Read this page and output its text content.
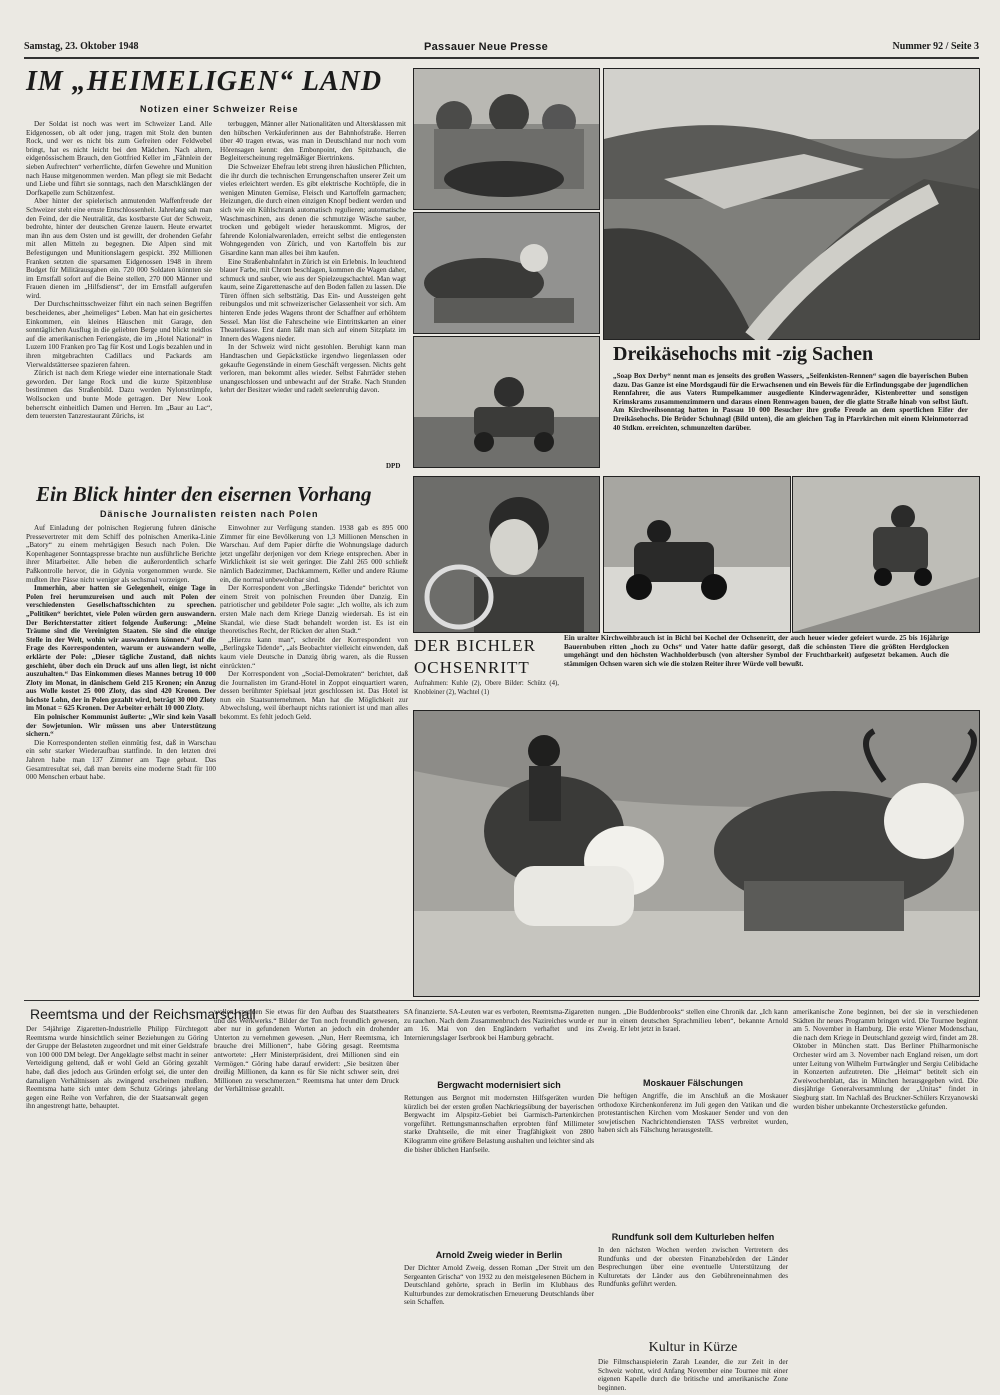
Samstag, 23. Oktober 1948	Passauer Neue Presse	Nummer 92 / Seite 3
IM „HEIMELIGEN“ LAND
Notizen einer Schweizer Reise

Der Soldat ist noch was wert im Schweizer Land. Alle Eidgenossen, ob alt oder jung, tragen mit Stolz den bunten Rock, und wer es nicht bis zum Gefreiten oder Feldwebel bringt, hat es nicht leicht bei den Mädchen. Nach altem, eidgenössischem Brauch, den Gottfried Keller im „Fähnlein der sieben Aufrechten“ verherrlichte, dürfen Gewehre und Munition nach Hause mitgenommen werden. Man pflegt sie mit Bedacht und Liebe und führt sie sonntags, nach den Marschklängen der Dorfkapelle zum Schützenfest.

Aber hinter der spielerisch anmutenden Waffenfreude der Schweizer steht eine ernste Entschlossenheit. Jahrelang sah man den Feind, der die Neutralität, das kostbarste Gut der Schweiz, bedrohte, hinter der deutschen Grenze lauern. Heute erwartet man ihn aus dem Osten und ist gewillt, der drohenden Gefahr mit allen Mitteln zu begegnen. Die Alpen sind mit Befestigungen und Munitionslagern gespickt. 392 Millionen Franken setzten die sparsamen Eidgenossen 1948 in ihrem Budget für Militärausgaben ein. 720 000 Soldaten könnten sie im Ernstfall sofort auf die Beine stellen, 270 000 Männer und Frauen dienen im „Hilfsdienst“, der im Ernstfall aufgerufen wird.

Der Durchschnittsschweizer führt ein nach seinen Begriffen bescheidenes, aber „heimeliges“ Leben. Man hat ein gesichertes Einkommen, ein kleines Häuschen mit Garage, den sonntäglichen Ausflug in die geliebten Berge und blickt neidlos auf die amerikanischen Feriengäste, die im „Hotel National“ in Luzern 100 Franken pro Tag für Kost und Logis bezahlen und in ihren mitgebrachten Cadillacs und Packards am Vierwaldstättersee spazieren fahren.

Zürich ist nach dem Kriege wieder eine internationale Stadt geworden. Der lange Rock und die kurze Spitzenbluse bestimmen das Straßenbild. Dazu werden Nylonstrümpfe, Wollsocken und bunte Mode getragen. Der New Look beherrscht einheitlich Damen und Herren. Im „Baur au Lac“, dem teuersten Tanzrestaurant Zürichs, ist

terbuggen, Männer aller Nationalitäten und Altersklassen mit den hübschen Verkäuferinnen aus der Bahnhofstraße. Herren über 40 tragen etwas, was man in Deutschland nur noch vom Hörensagen kennt: den Embonpoint, den Spitzbauch, die Begleiterscheinung regelmäßiger Biertrinkens.

Die Schweizer Ehefrau lebt streng ihren häuslichen Pflichten, die ihr durch die technischen Errungenschaften unserer Zeit um vieles erleichtert werden. Es gibt elektrische Kochtöpfe, die in wenigen Minuten Gemüse, Fleisch und Kartoffeln garmachen; Heizungen, die durch einen einzigen Knopf bedient werden und sich wie ein Kühlschrank automatisch regulieren; automatische Waschmaschinen, aus denen die schmutzige Wäsche sauber, trocken und gebügelt wieder herauskommt. Migros, der fahrende Kolonialwarenladen, erreicht selbst die entlegensten Wohngegenden von Zürich, und von Kartoffeln bis zur Gisardine kann man alles bei ihm kaufen.

Eine Straßenbahnfahrt in Zürich ist ein Erlebnis. In leuchtend blauer Farbe, mit Chrom beschlagen, kommen die Wagen daher, schmuck und sauber, wie aus der Spielzeugschachtel. Man wagt kaum, seine Zigarettenasche auf den Boden fallen zu lassen. Die Türen öffnen sich selbsttätig. Das Ein- und Aussteigen geht reibungslos und mit schweizerischer Gelassenheit vor sich. Am hinteren Ende jedes Wagens thront der Schaffner auf erhöhtem Sessel. Man löst die Fahrscheine wie Eintrittskarten an einer Theaterkasse. Erst dann läßt man sich auf einem Sitzplatz im Innern des Wagens nieder.

In der Schweiz wird nicht gestohlen. Beruhigt kann man Handtaschen und Gepäckstücke irgendwo liegenlassen oder gekaufte Gegenstände in einem Geschäft vergessen. Nichts geht verloren, man bekommt alles wieder. Selbst Fahrräder stehen unangeschlossen und unbewacht auf der Straße. Nach Stunden kehrt der Besitzer wieder und radelt seelenruhig davon.

DPD
Dreikäsehochs mit -zig Sachen
„Soap Box Derby“ nennt man es jenseits des großen Wassers, „Seifenkisten-Rennen“ sagen die bayerischen Buben dazu. Das Ganze ist eine Mordsgaudi für die Erwachsenen und ein Beweis für die Erfindungsgabe der jugendlichen Rennfahrer, die aus Vaters Rumpelkammer ausgediente Kinderwagenräder, Kistenbretter und sonstigen Krimskrams zusammenzimmern und daraus einen Rennwagen bauen, der die glatte Straße hinab von selbst läuft. Am Kirchweihsonntag hatten in Passau 10 000 Besucher ihre große Freude an dem sportlichen Eifer der Dreikäsehochs. Die Brüder Schuhnagl (Bild unten), die am gleichen Tag in Pfarrkirchen mit einem Kleinmotorrad 40 Stdkm. erreichten, schmunzelten darüber.
Ein Blick hinter den eisernen Vorhang
Dänische Journalisten reisten nach Polen

Auf Einladung der polnischen Regierung fuhren dänische Pressevertreter mit dem Schiff des polnischen Amerika-Linie „Batory“ zu einem mehrtägigen Besuch nach Polen. Die Kopenhagener Sonntagspresse brachte nun ausführliche Berichte ihrer Mitarbeiter. Alle heben die außerordentlich scharfe Paßkontrolle hervor, die in Gdynia vorgenommen wurde. Sie mußten ihre Pässe nicht weniger als sechsmal vorzeigen.

Immerhin, aber hatten sie Gelegenheit, einige Tage in Polen frei herumzureisen und auch mit Polen der verschiedensten Gesellschaftsschichten zu sprechen. „Politiken“ berichtet, viele Polen würden gern auswandern. Der Berichterstatter zitiert folgende Äußerung: „Meine Träume sind die Vereinigten Staaten. Sie sind die einzige Stelle in der Welt, wohin wir auswandern können.“ Auf die Frage des Korrespondenten, warum er auswandern wolle, erklärte der Pole: „Dieser tägliche Zustand, daß nichts geschieht, über doch ein Druck auf uns allen liegt, ist nicht auszuhalten.“ Das Einkommen dieses Mannes betrug 10 000 Zloty im Monat, in dänischem Geld 215 Kronen; ein Anzug aus Wolle kostet 25 000 Zloty, das sind 420 Kronen. Der höchste Lohn, der in Polen gezahlt wird, beträgt 30 000 Zloty im Monat = 625 Kronen. Der Arbeiter erhält 10 000 Zloty.

Ein polnischer Kommunist äußerte: „Wir sind kein Vasall der Sowjetunion. Wir müssen uns aber Unterstützung sichern.“

Die Korrespondenten stellen einmütig fest, daß in Warschau ein sehr starker Wiederaufbau stattfinde. In den letzten drei Jahren habe man 137 Zimmer am Tage gebaut. Das Gesamtresultat sei, daß man bereits eine moderne Stadt für 100 000 Menschen erbaut habe.

Einwohner zur Verfügung standen. 1938 gab es 895 000 Zimmer für eine Bevölkerung von 1,3 Millionen Menschen in Warschau. Auf dem Papier dürfte die Wohnungslage dadurch jetzt ungefähr derjenigen vor dem Kriege entsprechen. Aber in Wirklichkeit ist sie weit geringer. Die Zahl 265 000 schließt nämlich Badezimmer, Dachkammern, Keller und andere Räume ein, die normal unbewohnbar sind.

Der Korrespondent von „Berlingske Tidende“ berichtet von einem Streit von polnischen Freunden über Danzig. Ein patriotischer und gebildeter Pole sagte: „Ich wollte, als ich zum ersten Male nach dem Kriege Danzig wiedersah. Es ist ein Skandal, wie diese Stadt behandelt worden ist. Es ist ein theoretisches Recht, der Rücken der alten Stadt.“

„Hierzu kann man“, schreibt der Korrespondent von „Berlingske Tidende“, „als Beobachter vielleicht einwenden, daß kaum viele Deutsche in Danzig übrig waren, als die Russen einrückten.“

Der Korrespondent von „Social-Demokraten“ berichtet, daß die Journalisten im Grand-Hotel in Zoppot einquartiert waren, dessen berühmter Spielsaal jetzt geschlossen ist. Das Hotel ist nun ein Staatsunternehmen. Man hat die Möglichkeit zur Abwechslung, weil überhaupt nichts rationiert ist und man alles bekommt. Es fehlt jedoch Geld.

DER BICHLER
OCHSENRITT
Aufnahmen: Kuhle (2), Obere Bilder: Schütz (4), Knobleiner (2), Wachtel (1)
Ein uralter Kirchweihbrauch ist in Bichl bei Kochel der Ochsenritt, der auch heuer wieder gefeiert wurde. 25 bis 16jährige Bauernbuben ritten „hoch zu Ochs“ und Vater hatte dafür gesorgt, daß die schönsten Tiere die größten Herdglocken umgehängt und den höchsten Wachholderbusch (von altersher Symbol der Fruchtbarkeit) aufgesetzt bekamen. Auch die stämmigen Ochsen waren sich wie die stolzen Reiter ihrer Würde voll bewußt.
Reemtsma und der Reichsmarschall
Der 54jährige Zigaretten-Industrielle Philipp Fürchtegott Reemtsma wurde hinsichtlich seiner Beziehungen zu Göring der Gruppe der Belasteten zugeordnet und mit einer Geldstrafe von 100 000 DM belegt. Der Angeklagte selbst macht in seiner Verteidigung geltend, daß er wohl Geld an Göring gezahlt habe, daß dies jedoch aus Gründen erfolgt sei, die unter den damaligen Verhältnissen als zwingend erscheinen mußten. Reemtsma hatte sich unter dem Schutz Görings jahrelang gegen eine Reihe von Verfahren, die der Staatsanwalt gegen ihn angestrengt hatte, behauptet.
wollen, spenden Sie etwas für den Aufbau des Staatstheaters und des Werkwerks.“ Bilder der Ton noch freundlich gewesen, aber nur in gefundenen Worten an jedoch ein drohender Unterton zu vernehmen gewesen. „Nun, Herr Reemtsma, ich brauche drei Millionen“, habe Göring gesagt. Reemtsma antwortete: „Herr Ministerpräsident, drei Millionen sind ein Vermögen.“ Göring habe darauf erwidert: „Sie besitzen über dreißig Millionen, da kann es für Sie nicht schwer sein, drei Millionen zu verschmerzen.“ Reemtsma hat unter dem Druck der Verhältnisse gezahlt.
SA finanzierte. SA-Leuten war es verboten, Reemtsma-Zigaretten zu rauchen. Nach dem Zusammenbruch des Nazireiches wurde er am 16. Mai von den Engländern verhaftet und ins Internierungslager Iserbrook bei Hamburg gebracht.
Bergwacht modernisiert sich
Rettungen aus Bergnot mit modernsten Hilfsgeräten wurden kürzlich bei der ersten großen Nachkriegsübung der bayerischen Bergwacht im Alpspitz-Gebiet bei Garmisch-Partenkirchen vorgeführt. Rettungsmannschaften erprobten fünf Millimeter starke Drahtseile, die mit einer Tragfähigkeit von 2800 Kilogramm eine größere Belastung aushalten und leichter sind als die bisher üblichen Hanfseile.
Arnold Zweig wieder in Berlin
Der Dichter Arnold Zweig, dessen Roman „Der Streit um den Sergeanten Grischa“ von 1932 zu den meistgelesenen Büchern in Deutschland gehörte, sprach in Berlin im Klubhaus des Kulturbundes zur demokratischen Erneuerung Deutschlands über sein Schaffen.
nungen. „Die Buddenbrooks“ stellen eine Chronik dar. „Ich kann nur in einem deutschen Sprachmilieu leben“, bekannte Arnold Zweig. Er lebt jetzt in Israel.
Moskauer Fälschungen
Die heftigen Angriffe, die im Anschluß an die Moskauer orthodoxe Kirchenkonferenz im Juli gegen den Vatikan und die protestantischen Kirchen vom Moskauer Sender und von den sowjetischen Nachrichtendiensten TASS verbreitet wurden, haben sich als Fälschung herausgestellt.
Rundfunk soll dem Kulturleben helfen
In den nächsten Wochen werden zwischen Vertretern des Rundfunks und der obersten Finanzbehörden der Länder Besprechungen über eine eventuelle Unterstützung der Kulturetats der Länder aus den Gebühreneinnahmen des Rundfunks geführt werden.
Kultur in Kürze
Die Filmschauspielerin Zarah Leander, die zur Zeit in der Schweiz wohnt, wird Anfang November eine Tournee mit einer eigenen Kapelle durch die britische und amerikanische Zone beginnen.
amerikanische Zone beginnen, bei der sie in verschiedenen Städten ihr neues Programm bringen wird. Die Tournee beginnt am 5. November in Hamburg. Die erste Wiener Modenschau, die nach dem Kriege in Deutschland gezeigt wird, findet am 28. Oktober in München statt. Das Berliner Philharmonische Orchester wird am 3. November nach England reisen, um dort unter Leitung von Wilhelm Furtwängler und Sergiu Celibidache in Konzerten aufzutreten. Die „Heimat“ betitelt sich ein Zweiwochenblatt, das in München herausgegeben wird. Die diesjährige Generalversammlung der „Unitas“ findet in Siegburg statt. Im Nachlaß des Bruckner-Schülers Krzyanowski wurden bisher unbekannte Orchesterstücke gefunden.
